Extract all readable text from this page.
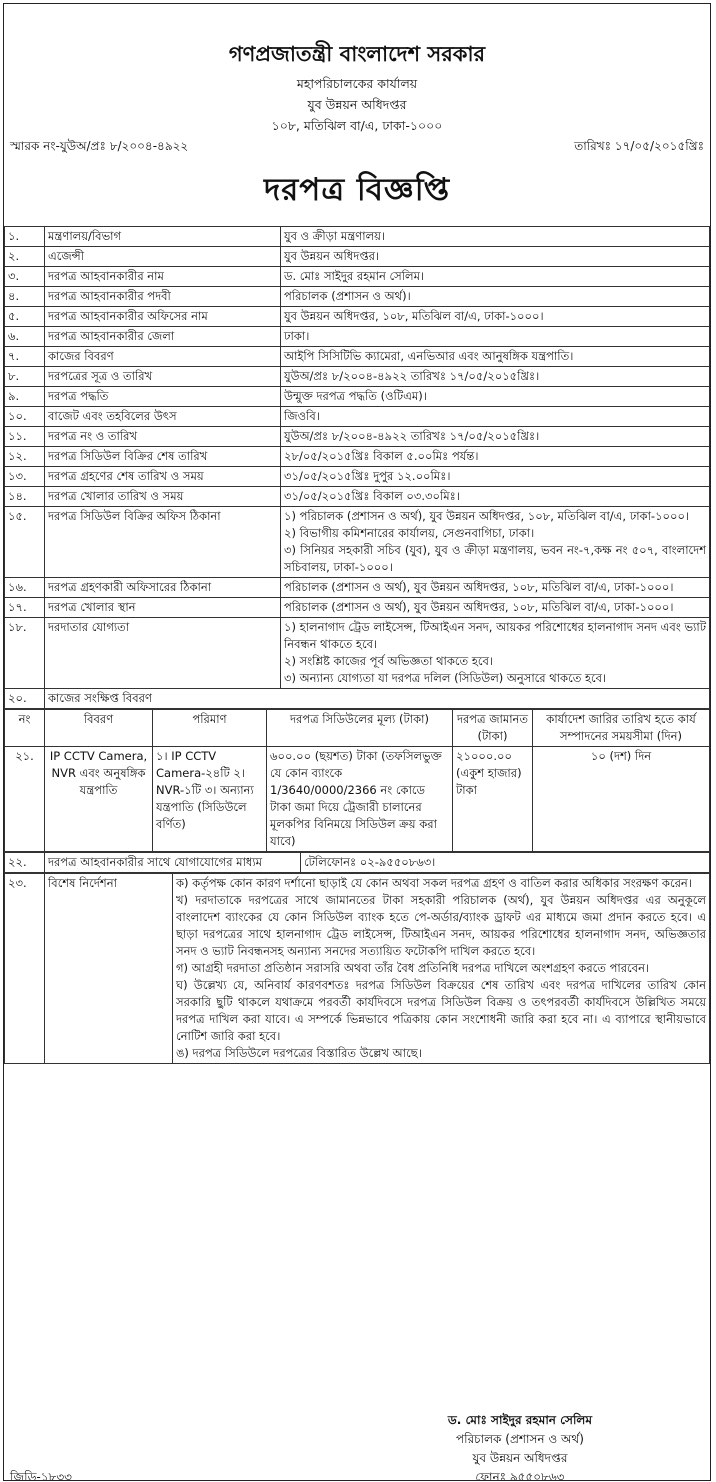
গণপ্রজাতন্ত্রী বাংলাদেশ সরকার
মহাপরিচালকের কার্যালয়
যুব উন্নয়ন অধিদপ্তর
১০৮, মতিঝিল বা/এ, ঢাকা-১০০০
স্মারক নং-যুউঅ/প্রঃ ৮/২০০৪-৪৯২২	তারিখঃ ১৭/০৫/২০১৫খ্রিঃ
দরপত্র বিজ্ঞপ্তি
১.	মন্ত্রণালয়/বিভাগ	যুব ও ক্রীড়া মন্ত্রণালয়।
২.	এজেন্সী	যুব উন্নয়ন অধিদপ্তর।
৩.	দরপত্র আহবানকারীর নাম	ড. মোঃ সাইদুর রহমান সেলিম।
৪.	দরপত্র আহবানকারীর পদবী	পরিচালক (প্রশাসন ও অর্থ)।
৫.	দরপত্র আহবানকারীর অফিসের নাম	যুব উন্নয়ন অধিদপ্তর, ১০৮, মতিঝিল বা/এ, ঢাকা-১০০০।
৬.	দরপত্র আহবানকারীর জেলা	ঢাকা।
৭.	কাজের বিবরণ	আইপি সিসিটিভি ক্যামেরা, এনভিআর এবং আনুষঙ্গিক যন্ত্রপাতি।
৮.	দরপত্রের সূত্র ও তারিখ	যুউঅ/প্রঃ ৮/২০০৪-৪৯২২ তারিখঃ ১৭/০৫/২০১৫খ্রিঃ।
৯.	দরপত্র পদ্ধতি	উন্মুক্ত দরপত্র পদ্ধতি (ওটিএম)।
১০.	বাজেট এবং তহবিলের উৎস	জিওবি।
১১.	দরপত্র নং ও তারিখ	যুউঅ/প্রঃ ৮/২০০৪-৪৯২২ তারিখঃ ১৭/০৫/২০১৫খ্রিঃ।
১২.	দরপত্র সিডিউল বিক্রির শেষ তারিখ	২৮/০৫/২০১৫খ্রিঃ বিকাল ৫.০০মিঃ পর্যন্ত।
১৩.	দরপত্র গ্রহণের শেষ তারিখ ও সময়	৩১/০৫/২০১৫খ্রিঃ দুপুর ১২.০০মিঃ।
১৪.	দরপত্র খোলার তারিখ ও সময়	৩১/০৫/২০১৫খ্রিঃ বিকাল ০৩.৩০মিঃ।
১৫.	দরপত্র সিডিউল বিক্রির অফিস ঠিকানা	১) পরিচালক (প্রশাসন ও অর্থ), যুব উন্নয়ন অধিদপ্তর, ১০৮, মতিঝিল বা/এ, ঢাকা-১০০০।
২) বিভাগীয় কমিশনারের কার্যালয়, সেগুনবাগিচা, ঢাকা।
৩) সিনিয়র সহকারী সচিব (যুব), যুব ও ক্রীড়া মন্ত্রণালয়, ভবন নং-৭,কক্ষ নং ৫০৭, বাংলাদেশ সচিবালয়, ঢাকা-১০০০।

১৬.	দরপত্র গ্রহণকারী অফিসারের ঠিকানা	পরিচালক (প্রশাসন ও অর্থ), যুব উন্নয়ন অধিদপ্তর, ১০৮, মতিঝিল বা/এ, ঢাকা-১০০০।
১৭.	দরপত্র খোলার স্থান	পরিচালক (প্রশাসন ও অর্থ), যুব উন্নয়ন অধিদপ্তর, ১০৮, মতিঝিল বা/এ, ঢাকা-১০০০।
১৮.	দরদাতার যোগ্যতা	১) হালনাগাদ ট্রেড লাইসেন্স, টিআইএন সনদ, আয়কর পরিশোধের হালনাগাদ সনদ এবং ভ্যাট নিবন্ধন থাকতে হবে।
২) সংশ্লিষ্ট কাজের পূর্ব অভিজ্ঞতা থাকতে হবে।
৩) অন্যান্য যোগ্যতা যা দরপত্র দলিল (সিডিউল) অনুসারে থাকতে হবে।

২০.	কাজের সংক্ষিপ্ত বিবরণ	
নং	বিবরণ	পরিমাণ	দরপত্র সিডিউলের মূল্য (টাকা)	দরপত্র জামানত (টাকা)	কার্যাদেশ জারির তারিখ হতে কার্য সম্পাদনের সময়সীমা (দিন)
২১.	IP CCTV Camera, NVR এবং অনুষঙ্গিক যন্ত্রপাতি	১। IP CCTV Camera-২৪টি ২। NVR-১টি ৩। অন্যান্য যন্ত্রপাতি (সিডিউলে বর্ণিত)	৬০০.০০ (ছয়শত) টাকা (তফসিলভুক্ত যে কোন ব্যাংকে 1/3640/0000/2366 নং কোডে টাকা জমা দিয়ে ট্রেজারী চালানের মূলকপির বিনিময়ে সিডিউল ক্রয় করা যাবে)	২১০০০.০০ (একুশ হাজার) টাকা	১০ (দশ) দিন
২২.	দরপত্র আহবানকারীর সাথে যোগাযোগের মাধ্যম	টেলিফোনঃ ০২-৯৫৫০৮৬৩।
২৩.	বিশেষ নির্দেশনা	ক) কর্তৃপক্ষ কোন কারণ দর্শানো ছাড়াই যে কোন অথবা সকল দরপত্র গ্রহণ ও বাতিল করার অধিকার সংরক্ষণ করেন।
খ) দরদাতাকে দরপত্রের সাথে জামানতের টাকা সহকারী পরিচালক (অর্থ), যুব উন্নয়ন অধিদপ্তর এর অনুকূলে বাংলাদেশ ব্যাংকের যে কোন সিডিউল ব্যাংক হতে পে-অর্ডার/ব্যাংক ড্রাফট এর মাধ্যমে জমা প্রদান করতে হবে। এ ছাড়া দরপত্রের সাথে হালনাগাদ ট্রেড লাইসেন্স, টিআইএন সনদ, আয়কর পরিশোধের হালনাগাদ সনদ, অভিজ্ঞতার সনদ ও ভ্যাট নিবন্ধনসহ অন্যান্য সনদের সত্যায়িত ফটোকপি দাখিল করতে হবে।
গ) আগ্রহী দরদাতা প্রতিষ্ঠান সরাসরি অথবা তাঁর বৈধ প্রতিনিধি দরপত্র দাখিলে অংশগ্রহণ করতে পারবেন।
ঘ) উল্লেখ্য যে, অনিবার্য কারণবশতঃ দরপত্র সিডিউল বিক্রয়ের শেষ তারিখ এবং দরপত্র দাখিলের তারিখ কোন সরকারি ছুটি থাকলে যথাক্রমে পরবর্তী কার্যদিবসে দরপত্র সিডিউল বিক্রয় ও তৎপরবর্তী কার্যদিবসে উল্লিখিত সময়ে দরপত্র দাখিল করা যাবে। এ সম্পর্কে ভিন্নভাবে পত্রিকায় কোন সংশোধনী জারি করা হবে না। এ ব্যাপারে স্থানীয়ভাবে নোটিশ জারি করা হবে।
ঙ) দরপত্র সিডিউলে দরপত্রের বিস্তারিত উল্লেখ আছে।
ড. মোঃ সাইদুর রহমান সেলিম
পরিচালক (প্রশাসন ও অর্থ)
যুব উন্নয়ন অধিদপ্তর
ফোনঃ ৯৫৫০৮৬৩
জিডি-১৮৩৩
